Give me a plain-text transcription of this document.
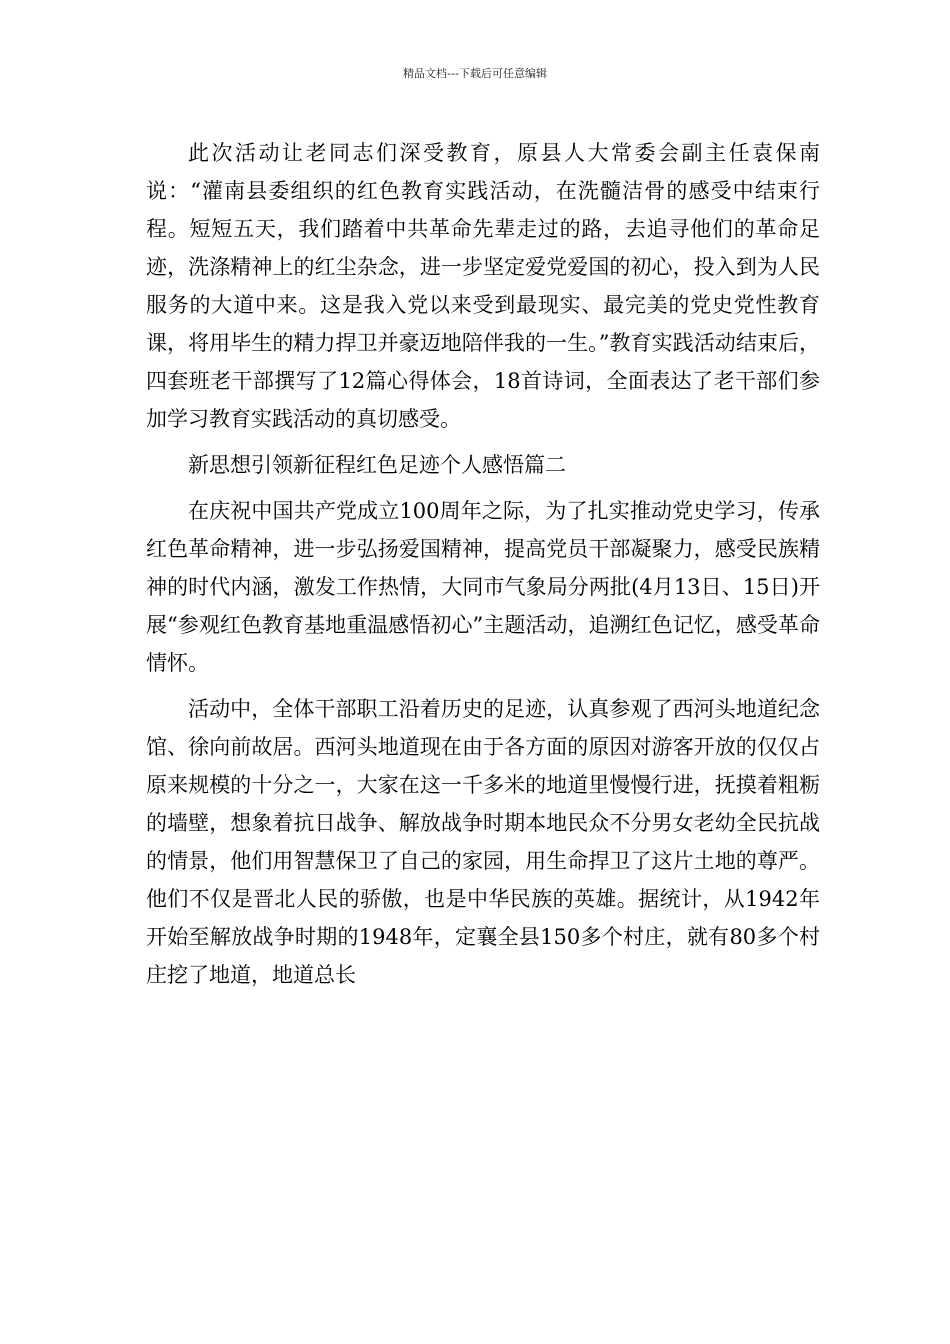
精品文档---下载后可任意编辑

此次活动让老同志们深受教育，原县人大常委会副主任袁保南说：“灌南县委组织的红色教育实践活动，在洗髓洁骨的感受中结束行程。短短五天，我们踏着中共革命先辈走过的路，去追寻他们的革命足迹，洗涤精神上的红尘杂念，进一步坚定爱党爱国的初心，投入到为人民服务的大道中来。这是我入党以来受到最现实、最完美的党史党性教育课，将用毕生的精力捍卫并豪迈地陪伴我的一生。”教育实践活动结束后，四套班老干部撰写了12篇心得体会，18首诗词，全面表达了老干部们参加学习教育实践活动的真切感受。

新思想引领新征程红色足迹个人感悟篇二

在庆祝中国共产党成立100周年之际，为了扎实推动党史学习，传承红色革命精神，进一步弘扬爱国精神，提高党员干部凝聚力，感受民族精神的时代内涵，激发工作热情，大同市气象局分两批(4月13日、15日)开展“参观红色教育基地重温感悟初心”主题活动，追溯红色记忆，感受革命情怀。

活动中，全体干部职工沿着历史的足迹，认真参观了西河头地道纪念馆、徐向前故居。西河头地道现在由于各方面的原因对游客开放的仅仅占原来规模的十分之一，大家在这一千多米的地道里慢慢行进，抚摸着粗粝的墙壁，想象着抗日战争、解放战争时期本地民众不分男女老幼全民抗战的情景，他们用智慧保卫了自己的家园，用生命捍卫了这片土地的尊严。他们不仅是晋北人民的骄傲，也是中华民族的英雄。据统计，从1942年开始至解放战争时期的1948年，定襄全县150多个村庄，就有80多个村庄挖了地道，地道总长
